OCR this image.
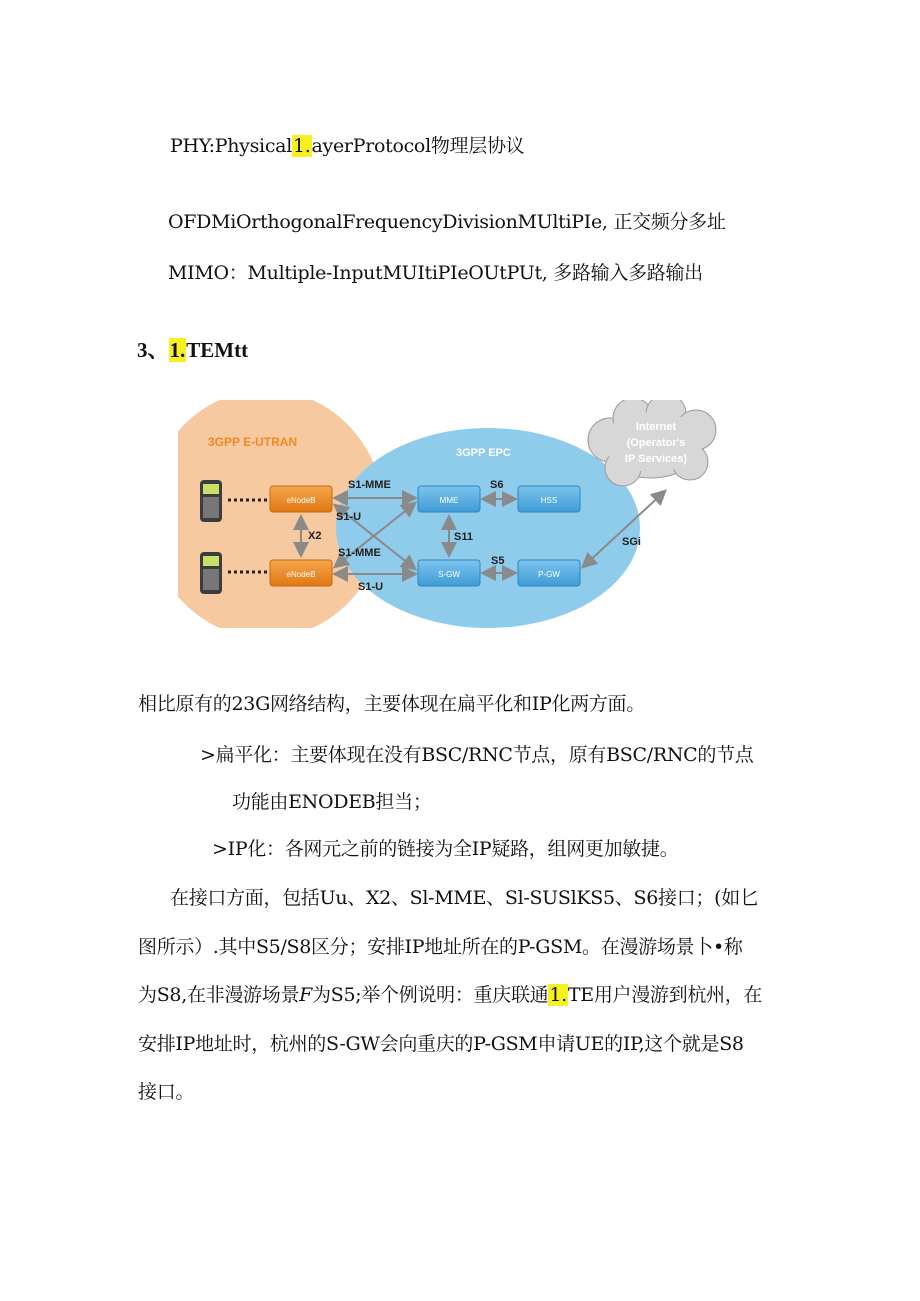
PHY:Physical1.ayerProtocol物理层协议
OFDMiOrthogonalFrequencyDivisionMUltiPIe, 正交频分多址
MIMO：Multiple-InputMUItiPIeOUtPUt, 多路输入多路输出
3、1.TEMtt
Internet
(Operator's
IP Services)
3GPP E-UTRAN
3GPP EPC
eNodeB
eNodeB
X2
MME	HSS
S-GW	P-GW
S1-MME
S1-U
S1-MME
S1-U
S6
S11
S5
SGi
相比原有的23G网络结构，主要体现在扁平化和IP化两方面。
>扁平化：主要体现在没有BSC/RNC节点，原有BSC/RNC的节点
功能由ENODEB担当；
>IP化：各网元之前的链接为全IP疑路，组网更加敏捷。
在接口方面，包括Uu、X2、Sl-MME、Sl-SUSlKS5、S6接口；(如匕
图所示）.其中S5/S8区分；安排IP地址所在的P-GSM。在漫游场景卜•称
为S8,在非漫游场景F为S5;举个例说明：重庆联通1.TE用户漫游到杭州，在
安排IP地址时，杭州的S-GW会向重庆的P-GSM申请UE的IP,这个就是S8
接口。
